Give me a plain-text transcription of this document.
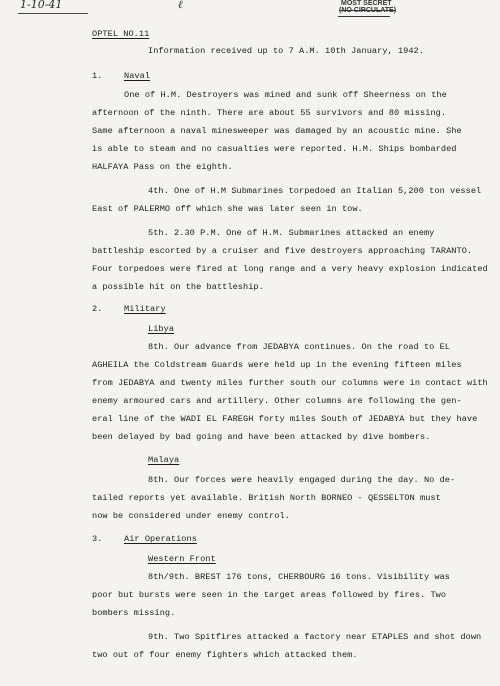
1-10-41	ℓ	MOST SECRET
(NO CIRCULATE)
OPTEL NO.11
Information received up to 7 A.M. 10th January, 1942.
1.	Naval
One of H.M. Destroyers was mined and sunk off Sheerness on the
afternoon of the ninth. There are about 55 survivors and 80 missing.
Same afternoon a naval minesweeper was damaged by an acoustic mine. She
is able to steam and no casualties were reported. H.M. Ships bombarded
HALFAYA Pass on the eighth.
4th. One of H.M Submarines torpedoed an Italian 5,200 ton vessel
East of PALERMO off which she was later seen in tow.
5th. 2.30 P.M. One of H.M. Submarines attacked an enemy
battleship escorted by a cruiser and five destroyers approaching TARANTO.
Four torpedoes were fired at long range and a very heavy explosion indicated
a possible hit on the battleship.
2.	Military
Libya
8th. Our advance from JEDABYA continues. On the road to EL
AGHEILA the Coldstream Guards were held up in the evening fifteen miles
from JEDABYA and twenty miles further south our columns were in contact with
enemy armoured cars and artillery. Other columns are following the gen-
eral line of the WADI EL FAREGH forty miles South of JEDABYA but they have
been delayed by bad going and have been attacked by dive bombers.
Malaya
8th. Our forces were heavily engaged during the day. No de-
tailed reports yet available. British North BORNEO - QESSELTON must
now be considered under enemy control.
3.	Air Operations
Western Front
8th/9th. BREST 176 tons, CHERBOURG 16 tons. Visibility was
poor but bursts were seen in the target areas followed by fires. Two
bombers missing.
9th. Two Spitfires attacked a factory near ETAPLES and shot down
two out of four enemy fighters which attacked them.
